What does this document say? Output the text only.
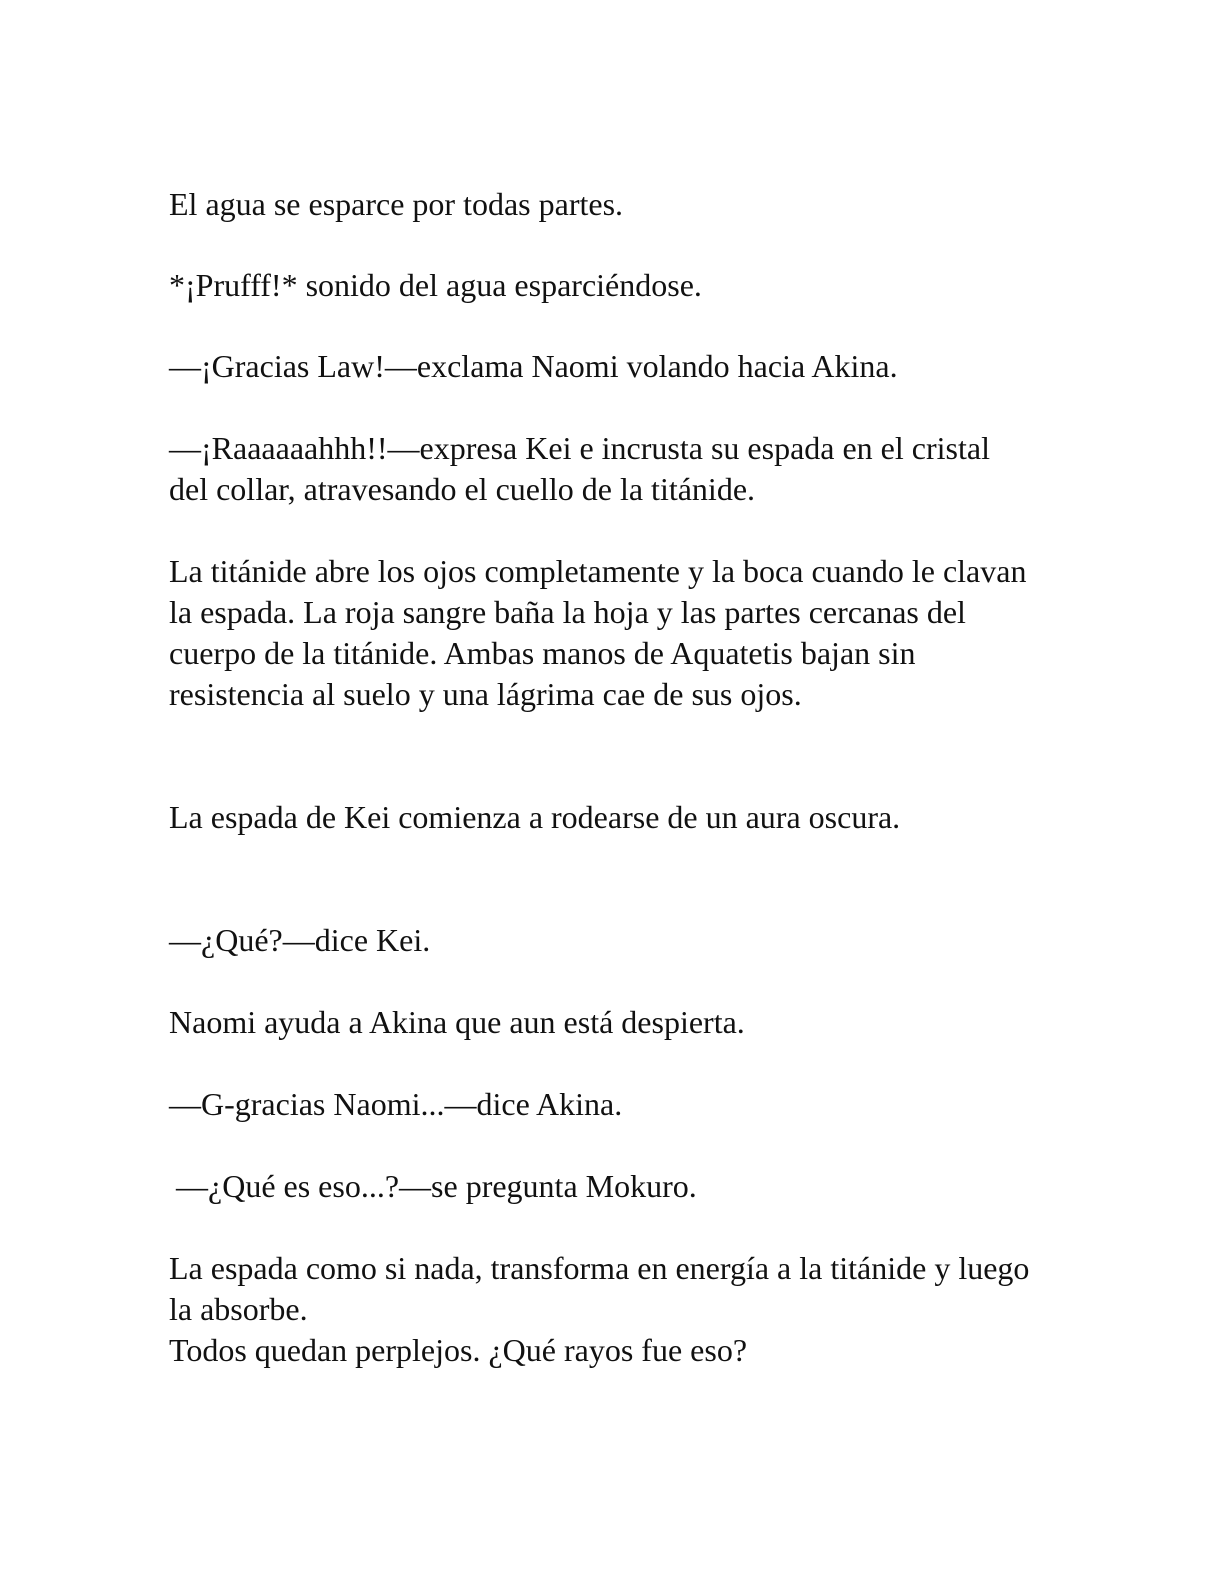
El agua se esparce por todas partes.

*¡Prufff!* sonido del agua esparciéndose.

—¡Gracias Law!—exclama Naomi volando hacia Akina.

—¡Raaaaaahhh!!—expresa Kei e incrusta su espada en el cristal del collar, atravesando el cuello de la titánide.

La titánide abre los ojos completamente y la boca cuando le clavan la espada. La roja sangre baña la hoja y las partes cercanas del cuerpo de la titánide. Ambas manos de Aquatetis bajan sin resistencia al suelo y una lágrima cae de sus ojos.

La espada de Kei comienza a rodearse de un aura oscura.

—¿Qué?—dice Kei.

Naomi ayuda a Akina que aun está despierta.

—G-gracias Naomi...—dice Akina.

—¿Qué es eso...?—se pregunta Mokuro.

La espada como si nada, transforma en energía a la titánide y luego la absorbe.

Todos quedan perplejos. ¿Qué rayos fue eso?
